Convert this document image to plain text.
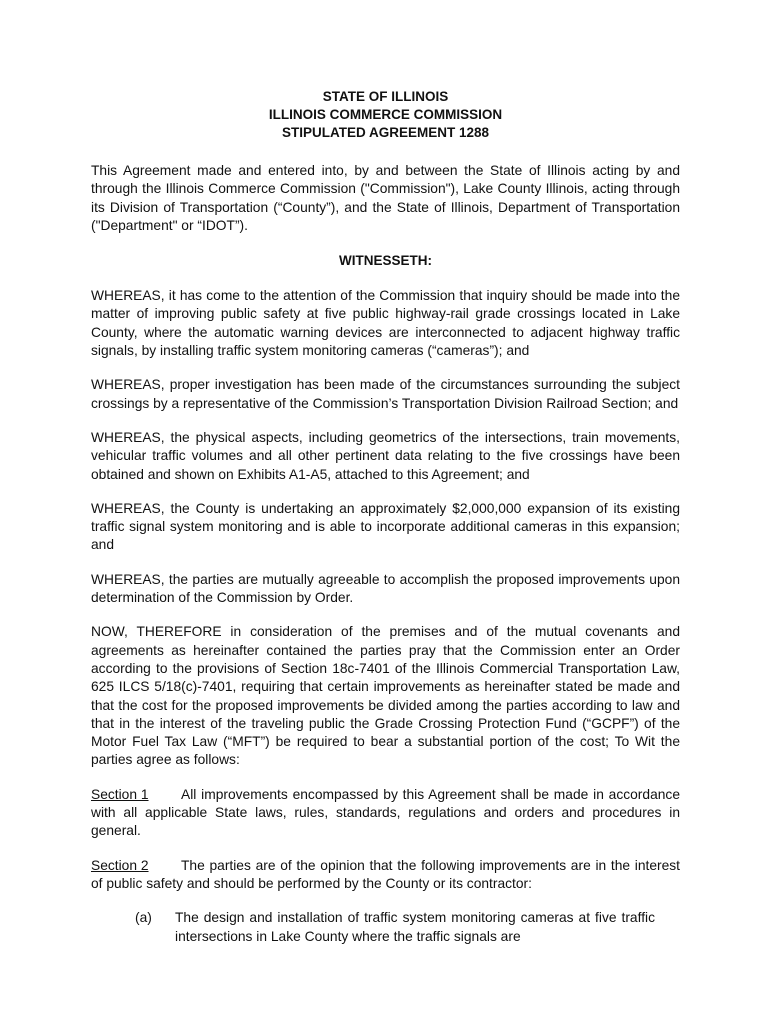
STATE OF ILLINOIS
ILLINOIS COMMERCE COMMISSION
STIPULATED AGREEMENT 1288

This Agreement made and entered into, by and between the State of Illinois acting by and through the Illinois Commerce Commission ("Commission"), Lake County Illinois, acting through its Division of Transportation (“County”), and the State of Illinois, Department of Transportation ("Department" or “IDOT”).

WITNESSETH:

WHEREAS, it has come to the attention of the Commission that inquiry should be made into the matter of improving public safety at five public highway-rail grade crossings located in Lake County, where the automatic warning devices are interconnected to adjacent highway traffic signals, by installing traffic system monitoring cameras (“cameras”); and

WHEREAS, proper investigation has been made of the circumstances surrounding the subject crossings by a representative of the Commission’s Transportation Division Railroad Section; and

WHEREAS, the physical aspects, including geometrics of the intersections, train movements, vehicular traffic volumes and all other pertinent data relating to the five crossings have been obtained and shown on Exhibits A1-A5, attached to this Agreement; and

WHEREAS, the County is undertaking an approximately $2,000,000 expansion of its existing traffic signal system monitoring and is able to incorporate additional cameras in this expansion; and

WHEREAS, the parties are mutually agreeable to accomplish the proposed improvements upon determination of the Commission by Order.

NOW, THEREFORE in consideration of the premises and of the mutual covenants and agreements as hereinafter contained the parties pray that the Commission enter an Order according to the provisions of Section 18c-7401 of the Illinois Commercial Transportation Law, 625 ILCS 5/18(c)-7401, requiring that certain improvements as hereinafter stated be made and that the cost for the proposed improvements be divided among the parties according to law and that in the interest of the traveling public the Grade Crossing Protection Fund (“GCPF”) of the Motor Fuel Tax Law (“MFT”) be required to bear a substantial portion of the cost; To Wit the parties agree as follows:

Section 1 All improvements encompassed by this Agreement shall be made in accordance with all applicable State laws, rules, standards, regulations and orders and procedures in general.

Section 2 The parties are of the opinion that the following improvements are in the interest of public safety and should be performed by the County or its contractor:

(a)	The design and installation of traffic system monitoring cameras at five traffic intersections in Lake County where the traffic signals are
